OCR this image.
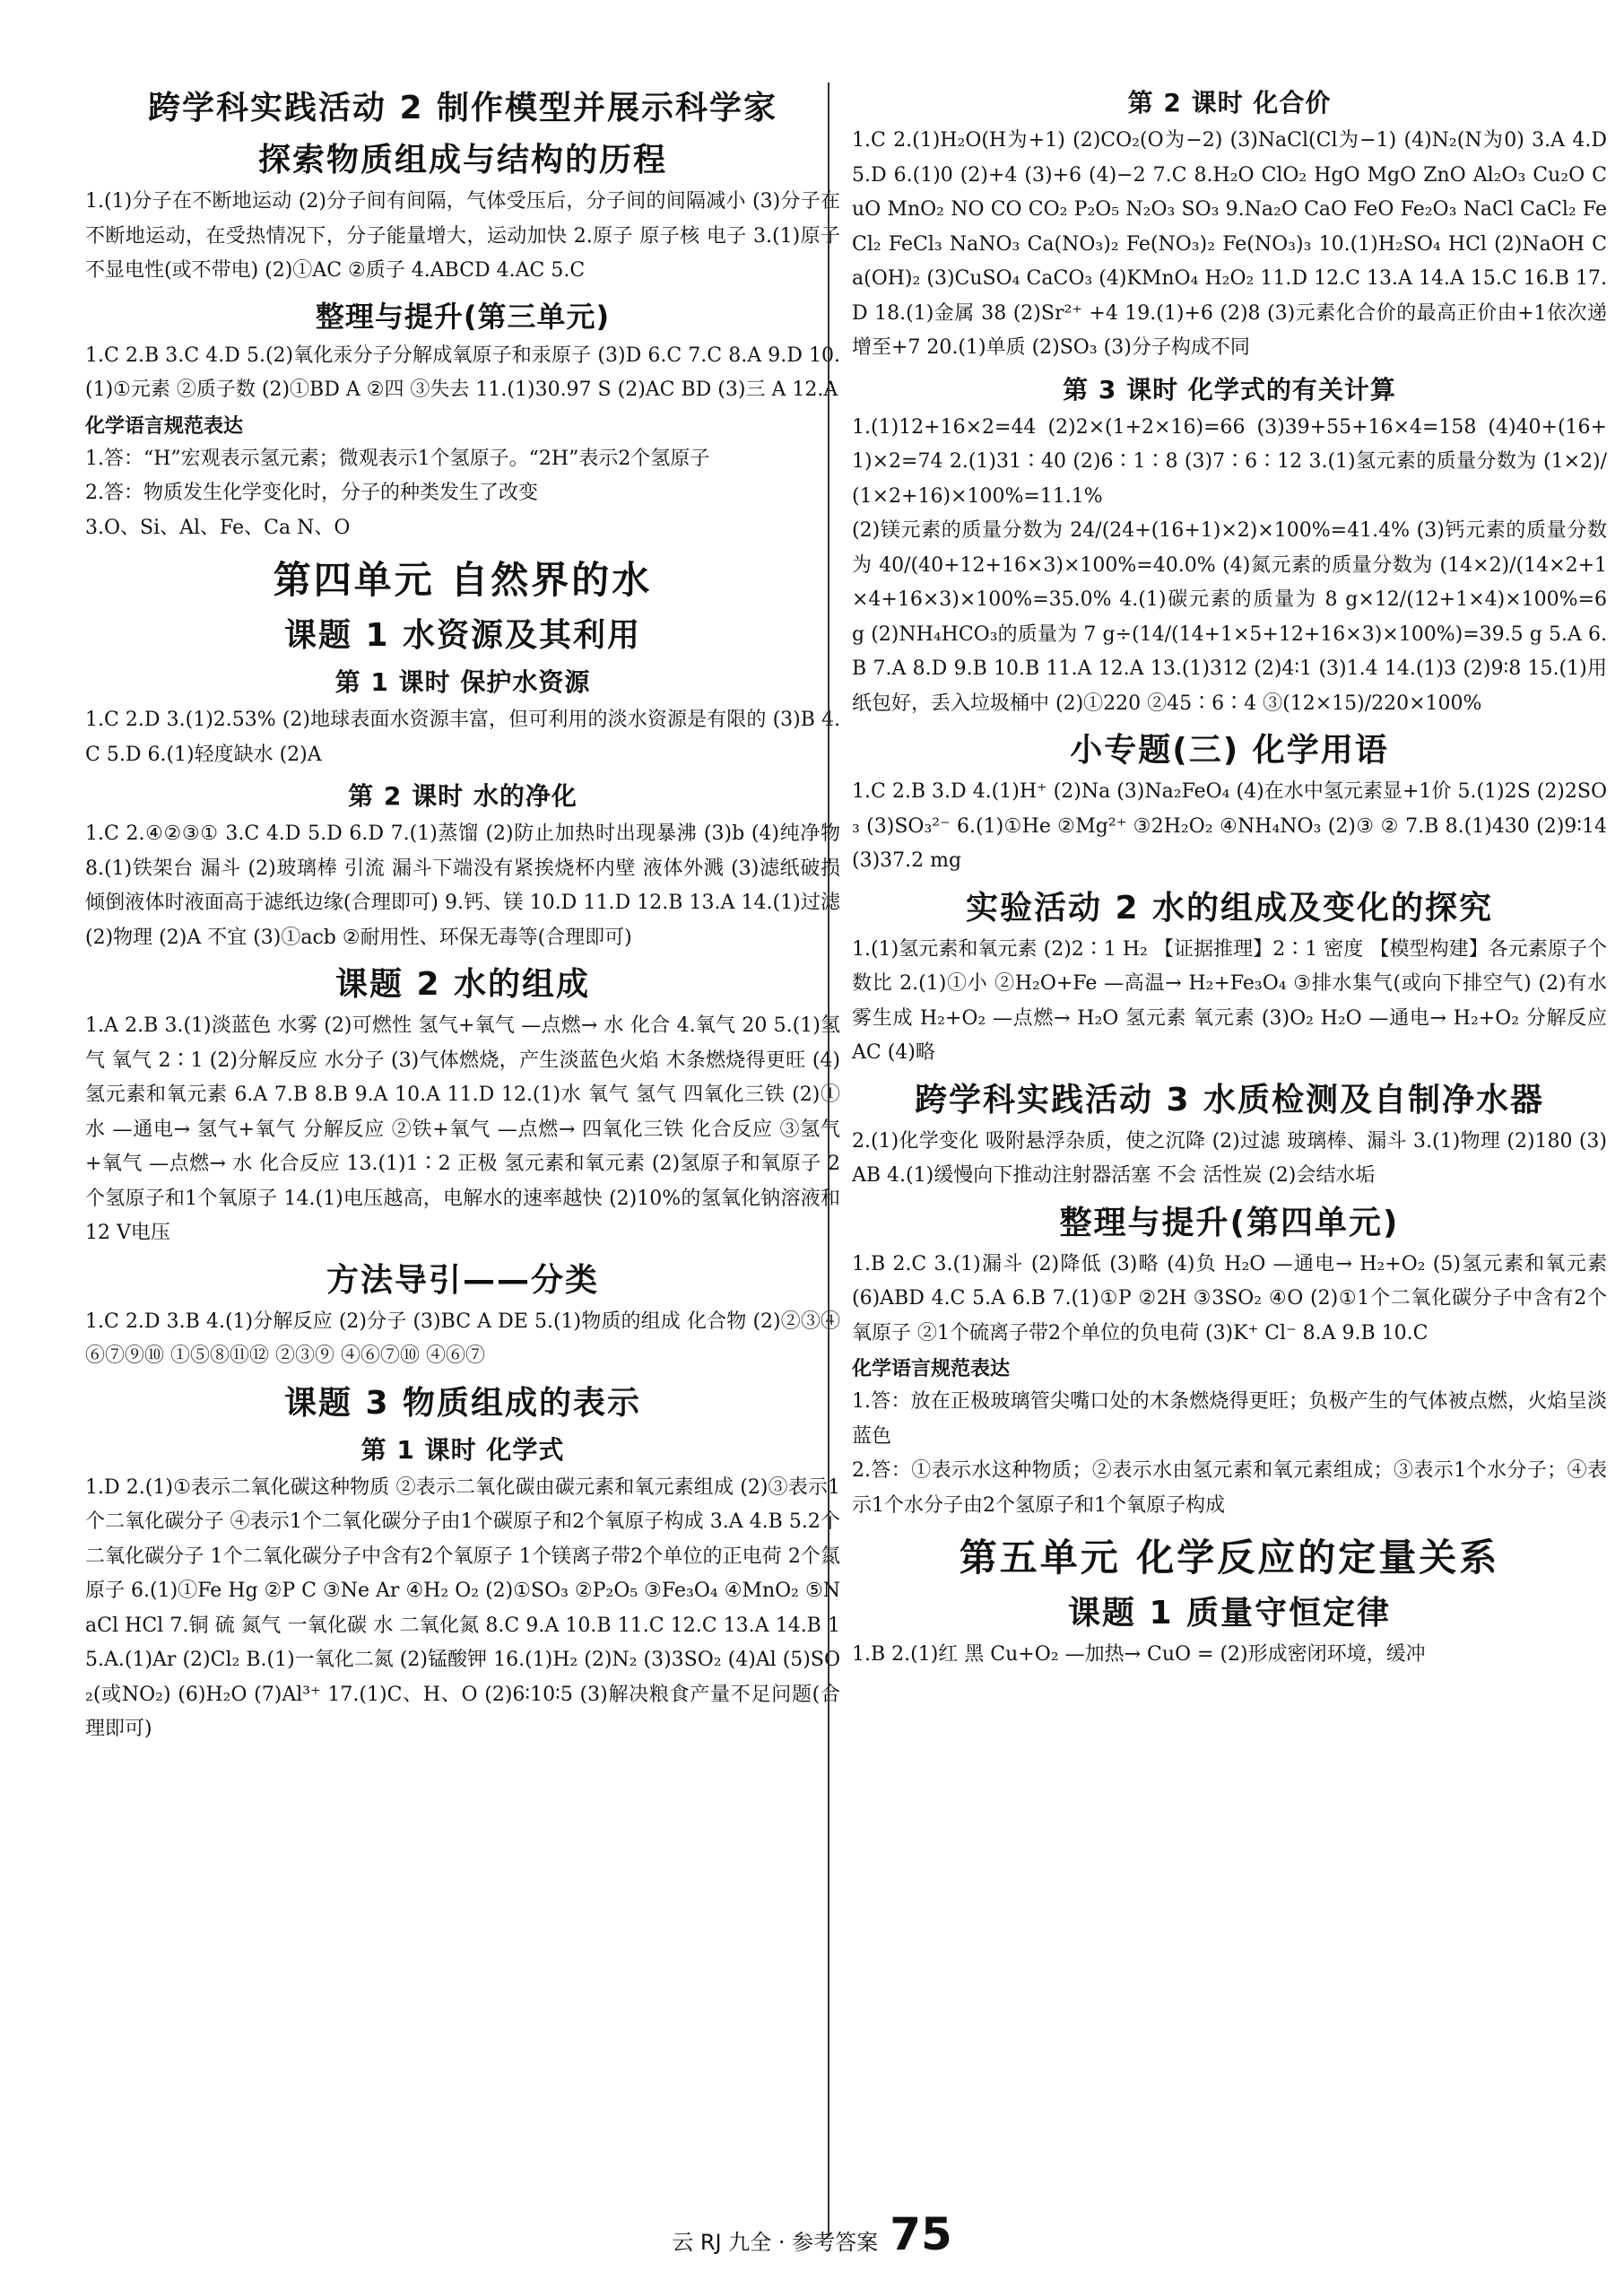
跨学科实践活动 2 制作模型并展示科学家
探索物质组成与结构的历程

1.(1)分子在不断地运动 (2)分子间有间隔，气体受压后，分子间的间隔减小 (3)分子在不断地运动，在受热情况下，分子能量增大，运动加快 2.原子 原子核 电子 3.(1)原子不显电性(或不带电) (2)①AC ②质子 4.ABCD 4.AC 5.C

整理与提升(第三单元)

1.C 2.B 3.C 4.D 5.(2)氧化汞分子分解成氧原子和汞原子 (3)D 6.C 7.C 8.A 9.D 10.(1)①元素 ②质子数 (2)①BD A ②四 ③失去 11.(1)30.97 S (2)AC BD (3)三 A 12.A

化学语言规范表达

1.答：“H”宏观表示氢元素；微观表示1个氢原子。“2H”表示2个氢原子

2.答：物质发生化学变化时，分子的种类发生了改变

3.O、Si、Al、Fe、Ca N、O

第四单元 自然界的水
课题 1 水资源及其利用
第 1 课时 保护水资源

1.C 2.D 3.(1)2.53% (2)地球表面水资源丰富，但可利用的淡水资源是有限的 (3)B 4.C 5.D 6.(1)轻度缺水 (2)A

第 2 课时 水的净化

1.C 2.④②③① 3.C 4.D 5.D 6.D 7.(1)蒸馏 (2)防止加热时出现暴沸 (3)b (4)纯净物 8.(1)铁架台 漏斗 (2)玻璃棒 引流 漏斗下端没有紧挨烧杯内壁 液体外溅 (3)滤纸破损 倾倒液体时液面高于滤纸边缘(合理即可) 9.钙、镁 10.D 11.D 12.B 13.A 14.(1)过滤 (2)物理 (2)A 不宜 (3)①acb ②耐用性、环保无毒等(合理即可)

课题 2 水的组成

1.A 2.B 3.(1)淡蓝色 水雾 (2)可燃性 氢气+氧气 —点燃→ 水 化合 4.氧气 20 5.(1)氢气 氧气 2∶1 (2)分解反应 水分子 (3)气体燃烧，产生淡蓝色火焰 木条燃烧得更旺 (4)氢元素和氧元素 6.A 7.B 8.B 9.A 10.A 11.D 12.(1)水 氧气 氢气 四氧化三铁 (2)①水 —通电→ 氢气+氧气 分解反应 ②铁+氧气 —点燃→ 四氧化三铁 化合反应 ③氢气+氧气 —点燃→ 水 化合反应 13.(1)1∶2 正极 氢元素和氧元素 (2)氢原子和氧原子 2个氢原子和1个氧原子 14.(1)电压越高，电解水的速率越快 (2)10%的氢氧化钠溶液和12 V电压

方法导引——分类

1.C 2.D 3.B 4.(1)分解反应 (2)分子 (3)BC A DE 5.(1)物质的组成 化合物 (2)②③④⑥⑦⑨⑩ ①⑤⑧⑪⑫ ②③⑨ ④⑥⑦⑩ ④⑥⑦

课题 3 物质组成的表示
第 1 课时 化学式

1.D 2.(1)①表示二氧化碳这种物质 ②表示二氧化碳由碳元素和氧元素组成 (2)③表示1个二氧化碳分子 ④表示1个二氧化碳分子由1个碳原子和2个氧原子构成 3.A 4.B 5.2个二氧化碳分子 1个二氧化碳分子中含有2个氧原子 1个镁离子带2个单位的正电荷 2个氮原子 6.(1)①Fe Hg ②P C ③Ne Ar ④H₂ O₂ (2)①SO₃ ②P₂O₅ ③Fe₃O₄ ④MnO₂ ⑤NaCl HCl 7.铜 硫 氮气 一氧化碳 水 二氧化氮 8.C 9.A 10.B 11.C 12.C 13.A 14.B 15.A.(1)Ar (2)Cl₂ B.(1)一氧化二氮 (2)锰酸钾 16.(1)H₂ (2)N₂ (3)3SO₂ (4)Al (5)SO₂(或NO₂) (6)H₂O (7)Al³⁺ 17.(1)C、H、O (2)6∶10∶5 (3)解决粮食产量不足问题(合理即可)

第 2 课时 化合价

1.C 2.(1)H₂O(H为+1) (2)CO₂(O为−2) (3)NaCl(Cl为−1) (4)N₂(N为0) 3.A 4.D 5.D 6.(1)0 (2)+4 (3)+6 (4)−2 7.C 8.H₂O ClO₂ HgO MgO ZnO Al₂O₃ Cu₂O CuO MnO₂ NO CO CO₂ P₂O₅ N₂O₃ SO₃ 9.Na₂O CaO FeO Fe₂O₃ NaCl CaCl₂ FeCl₂ FeCl₃ NaNO₃ Ca(NO₃)₂ Fe(NO₃)₂ Fe(NO₃)₃ 10.(1)H₂SO₄ HCl (2)NaOH Ca(OH)₂ (3)CuSO₄ CaCO₃ (4)KMnO₄ H₂O₂ 11.D 12.C 13.A 14.A 15.C 16.B 17.D 18.(1)金属 38 (2)Sr²⁺ +4 19.(1)+6 (2)8 (3)元素化合价的最高正价由+1依次递增至+7 20.(1)单质 (2)SO₃ (3)分子构成不同

第 3 课时 化学式的有关计算

1.(1)12+16×2=44 (2)2×(1+2×16)=66 (3)39+55+16×4=158 (4)40+(16+1)×2=74 2.(1)31∶40 (2)6∶1∶8 (3)7∶6∶12 3.(1)氢元素的质量分数为 (1×2)/(1×2+16)×100%=11.1%

(2)镁元素的质量分数为 24/(24+(16+1)×2)×100%=41.4% (3)钙元素的质量分数为 40/(40+12+16×3)×100%=40.0% (4)氮元素的质量分数为 (14×2)/(14×2+1×4+16×3)×100%=35.0% 4.(1)碳元素的质量为 8 g×12/(12+1×4)×100%=6 g (2)NH₄HCO₃的质量为 7 g÷(14/(14+1×5+12+16×3)×100%)=39.5 g 5.A 6.B 7.A 8.D 9.B 10.B 11.A 12.A 13.(1)312 (2)4∶1 (3)1.4 14.(1)3 (2)9∶8 15.(1)用纸包好，丢入垃圾桶中 (2)①220 ②45∶6∶4 ③(12×15)/220×100%

小专题(三) 化学用语

1.C 2.B 3.D 4.(1)H⁺ (2)Na (3)Na₂FeO₄ (4)在水中氢元素显+1价 5.(1)2S (2)2SO₃ (3)SO₃²⁻ 6.(1)①He ②Mg²⁺ ③2H₂O₂ ④NH₄NO₃ (2)③ ② 7.B 8.(1)430 (2)9∶14 (3)37.2 mg

实验活动 2 水的组成及变化的探究

1.(1)氢元素和氧元素 (2)2∶1 H₂ 【证据推理】2∶1 密度 【模型构建】各元素原子个数比 2.(1)①小 ②H₂O+Fe —高温→ H₂+Fe₃O₄ ③排水集气(或向下排空气) (2)有水雾生成 H₂+O₂ —点燃→ H₂O 氢元素 氧元素 (3)O₂ H₂O —通电→ H₂+O₂ 分解反应 AC (4)略

跨学科实践活动 3 水质检测及自制净水器

2.(1)化学变化 吸附悬浮杂质，使之沉降 (2)过滤 玻璃棒、漏斗 3.(1)物理 (2)180 (3)AB 4.(1)缓慢向下推动注射器活塞 不会 活性炭 (2)会结水垢

整理与提升(第四单元)

1.B 2.C 3.(1)漏斗 (2)降低 (3)略 (4)负 H₂O —通电→ H₂+O₂ (5)氢元素和氧元素 (6)ABD 4.C 5.A 6.B 7.(1)①P ②2H ③3SO₂ ④O (2)①1个二氧化碳分子中含有2个氧原子 ②1个硫离子带2个单位的负电荷 (3)K⁺ Cl⁻ 8.A 9.B 10.C

化学语言规范表达

1.答：放在正极玻璃管尖嘴口处的木条燃烧得更旺；负极产生的气体被点燃，火焰呈淡蓝色

2.答：①表示水这种物质；②表示水由氢元素和氧元素组成；③表示1个水分子；④表示1个水分子由2个氢原子和1个氧原子构成

第五单元 化学反应的定量关系
课题 1 质量守恒定律

1.B 2.(1)红 黑 Cu+O₂ —加热→ CuO = (2)形成密闭环境，缓冲

云 RJ 九全 · 参考答案 75
